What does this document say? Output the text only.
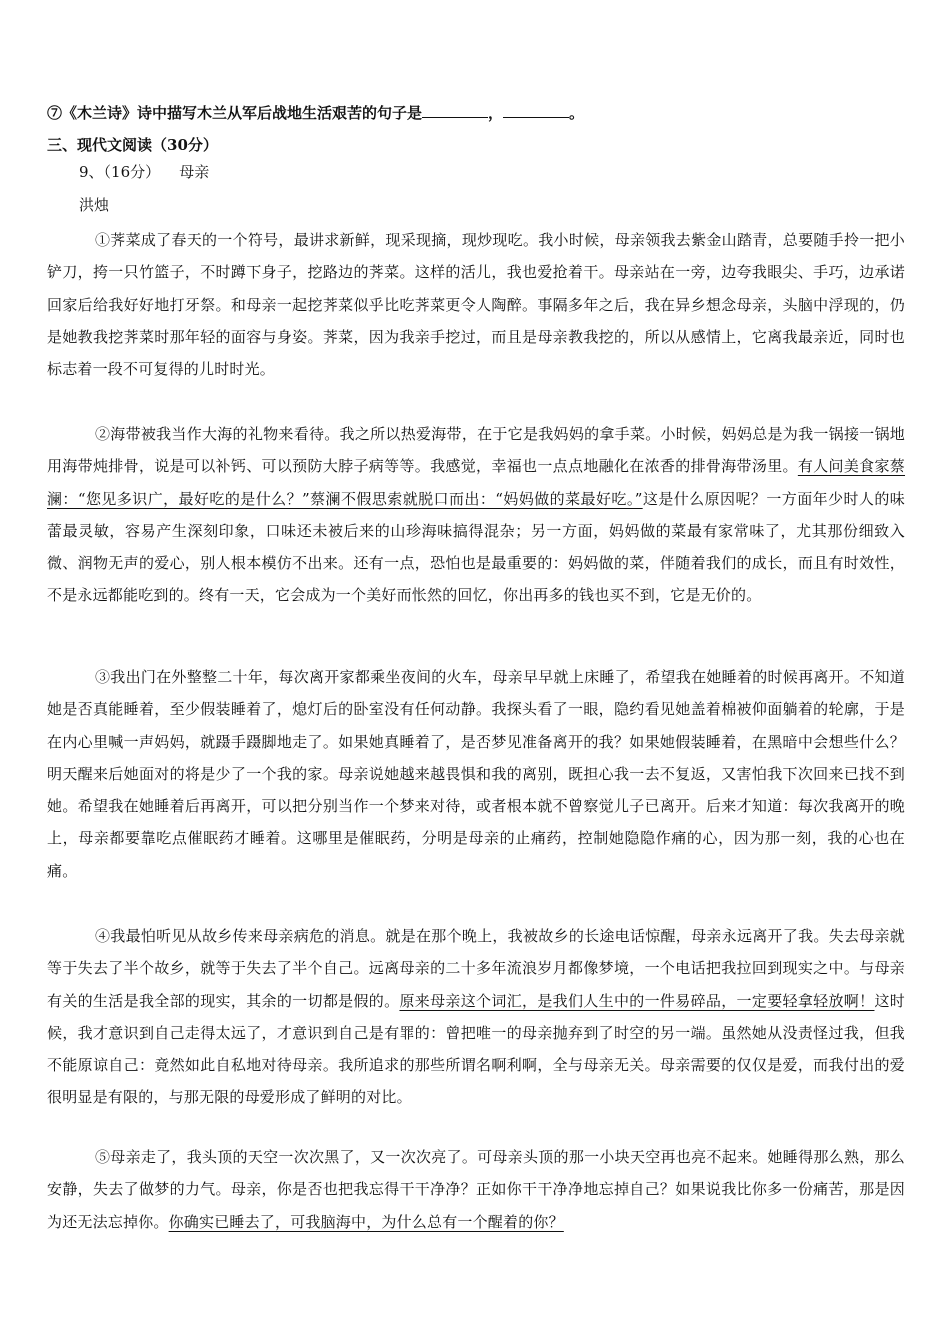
⑦《木兰诗》诗中描写木兰从军后战地生活艰苦的句子是	，	。
三、现代文阅读（30分）
9、（16分） 母亲
洪烛

①荠菜成了春天的一个符号，最讲求新鲜，现采现摘，现炒现吃。我小时候，母亲领我去紫金山踏青，总要随手拎一把小铲刀，挎一只竹篮子，不时蹲下身子，挖路边的荠菜。这样的活儿，我也爱抢着干。母亲站在一旁，边夸我眼尖、手巧，边承诺回家后给我好好地打牙祭。和母亲一起挖荠菜似乎比吃荠菜更令人陶醉。事隔多年之后，我在异乡想念母亲，头脑中浮现的，仍是她教我挖荠菜时那年轻的面容与身姿。荠菜，因为我亲手挖过，而且是母亲教我挖的，所以从感情上，它离我最亲近，同时也标志着一段不可复得的儿时时光。

②海带被我当作大海的礼物来看待。我之所以热爱海带，在于它是我妈妈的拿手菜。小时候，妈妈总是为我一锅接一锅地用海带炖排骨，说是可以补钙、可以预防大脖子病等等。我感觉，幸福也一点点地融化在浓香的排骨海带汤里。有人问美食家蔡澜：“您见多识广，最好吃的是什么？”蔡澜不假思索就脱口而出：“妈妈做的菜最好吃。”这是什么原因呢？一方面年少时人的味蕾最灵敏，容易产生深刻印象，口味还未被后来的山珍海味搞得混杂；另一方面，妈妈做的菜最有家常味了，尤其那份细致入微、润物无声的爱心，别人根本模仿不出来。还有一点，恐怕也是最重要的：妈妈做的菜，伴随着我们的成长，而且有时效性，不是永远都能吃到的。终有一天，它会成为一个美好而怅然的回忆，你出再多的钱也买不到，它是无价的。

③我出门在外整整二十年，每次离开家都乘坐夜间的火车，母亲早早就上床睡了，希望我在她睡着的时候再离开。不知道她是否真能睡着，至少假装睡着了，熄灯后的卧室没有任何动静。我探头看了一眼，隐约看见她盖着棉被仰面躺着的轮廓，于是在内心里喊一声妈妈，就蹑手蹑脚地走了。如果她真睡着了，是否梦见准备离开的我？如果她假装睡着，在黑暗中会想些什么？明天醒来后她面对的将是少了一个我的家。母亲说她越来越畏惧和我的离别，既担心我一去不复返，又害怕我下次回来已找不到她。希望我在她睡着后再离开，可以把分别当作一个梦来对待，或者根本就不曾察觉儿子已离开。后来才知道：每次我离开的晚上，母亲都要靠吃点催眠药才睡着。这哪里是催眠药，分明是母亲的止痛药，控制她隐隐作痛的心，因为那一刻，我的心也在痛。

④我最怕听见从故乡传来母亲病危的消息。就是在那个晚上，我被故乡的长途电话惊醒，母亲永远离开了我。失去母亲就等于失去了半个故乡，就等于失去了半个自己。远离母亲的二十多年流浪岁月都像梦境，一个电话把我拉回到现实之中。与母亲有关的生活是我全部的现实，其余的一切都是假的。原来母亲这个词汇，是我们人生中的一件易碎品，一定要轻拿轻放啊！这时候，我才意识到自己走得太远了，才意识到自己是有罪的：曾把唯一的母亲抛弃到了时空的另一端。虽然她从没责怪过我，但我不能原谅自己：竟然如此自私地对待母亲。我所追求的那些所谓名啊利啊，全与母亲无关。母亲需要的仅仅是爱，而我付出的爱很明显是有限的，与那无限的母爱形成了鲜明的对比。

⑤母亲走了，我头顶的天空一次次黑了，又一次次亮了。可母亲头顶的那一小块天空再也亮不起来。她睡得那么熟，那么安静，失去了做梦的力气。母亲，你是否也把我忘得干干净净？正如你干干净净地忘掉自己？如果说我比你多一份痛苦，那是因为还无法忘掉你。你确实已睡去了，可我脑海中，为什么总有一个醒着的你？
